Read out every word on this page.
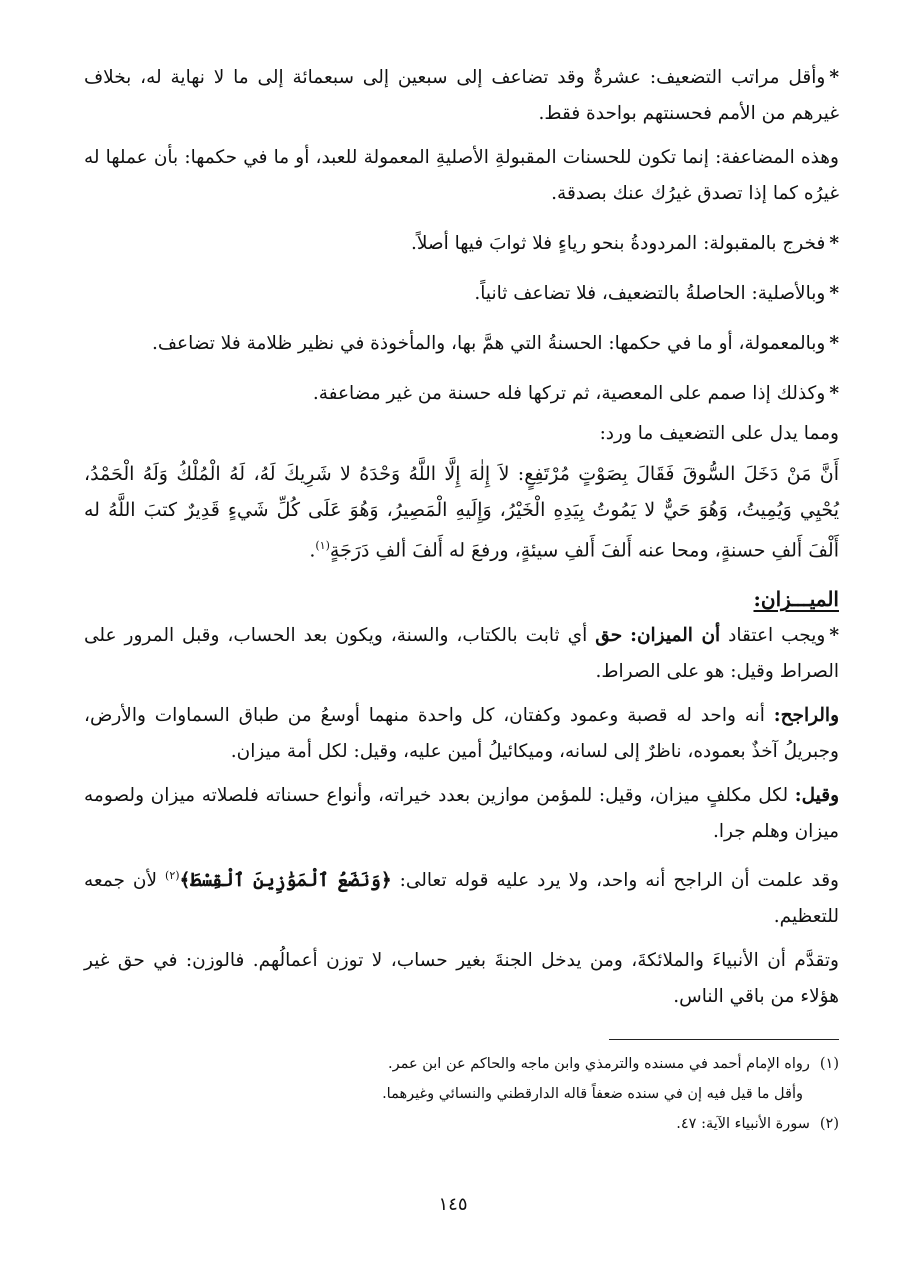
*وأقل مراتب التضعيف: عشرةٌ وقد تضاعف إلى سبعين إلى سبعمائة إلى ما لا نهاية له، بخلاف غيرهم من الأمم فحسنتهم بواحدة فقط.

وهذه المضاعفة: إنما تكون للحسنات المقبولةِ الأصليةِ المعمولة للعبد، أو ما في حكمها: بأن عملها له غيرُه كما إذا تصدق غيرُك عنك بصدقة.

*فخرج بالمقبولة: المردودةُ بنحو رياءٍ فلا ثوابَ فيها أصلاً.

*وبالأصلية: الحاصلةُ بالتضعيف، فلا تضاعف ثانياً.

*وبالمعمولة، أو ما في حكمها: الحسنةُ التي همَّ بها، والمأخوذة في نظير ظلامة فلا تضاعف.

*وكذلك إذا صمم على المعصية، ثم تركها فله حسنة من غير مضاعفة.

ومما يدل على التضعيف ما ورد:

أَنَّ مَنْ دَخَلَ السُّوقَ فَقَالَ بِصَوْتٍ مُرْتَفِعٍ: لاَ إِلٰهَ إِلَّا اللَّهُ وَحْدَهُ لا شَرِيكَ لَهُ، لَهُ الْمُلْكُ وَلَهُ الْحَمْدُ، يُحْيِي وَيُمِيتُ، وَهُوَ حَيٌّ لا يَمُوتُ بِيَدِهِ الْخَيْرُ، وَإِلَيهِ الْمَصِيرُ، وَهُوَ عَلَى كُلِّ شَيءٍ قَدِيرٌ كتبَ اللَّهُ له أَلْفَ أَلفِ حسنةٍ، ومحا عنه أَلفَ أَلفِ سيئةٍ، ورفعَ له أَلفَ ألفِ دَرَجَةٍ$^{(١)}$.

الميـــزان:

*ويجب اعتقاد أن الميزان: حق أي ثابت بالكتاب، والسنة، ويكون بعد الحساب، وقبل المرور على الصراط وقيل: هو على الصراط.

والراجح: أنه واحد له قصبة وعمود وكفتان، كل واحدة منهما أوسعُ من طباق السماوات والأرض، وجبريلُ آخذٌ بعموده، ناظرٌ إلى لسانه، وميكائيلُ أمين عليه، وقيل: لكل أمة ميزان.

وقيل: لكل مكلفٍ ميزان، وقيل: للمؤمن موازين بعدد خيراته، وأنواع حسناته فلصلاته ميزان ولصومه ميزان وهلم جرا.

وقد علمت أن الراجح أنه واحد، ولا يرد عليه قوله تعالى: ﴿وَنَضَعُ ٱلْمَوَٰزِينَ ٱلْقِسْطَ﴾$^{(٢)}$ لأن جمعه للتعظيم.

وتقدَّم أن الأنبياءَ والملائكةَ، ومن يدخل الجنةَ بغير حساب، لا توزن أعمالُهم. فالوزن: في حق غير هؤلاء من باقي الناس.

(١)رواه الإمام أحمد في مسنده والترمذي وابن ماجه والحاكم عن ابن عمر.

وأقل ما قيل فيه إن في سنده ضعفاً قاله الدارقطني والنسائي وغيرهما.

(٢)سورة الأنبياء الآية: ٤٧.

١٤٥
